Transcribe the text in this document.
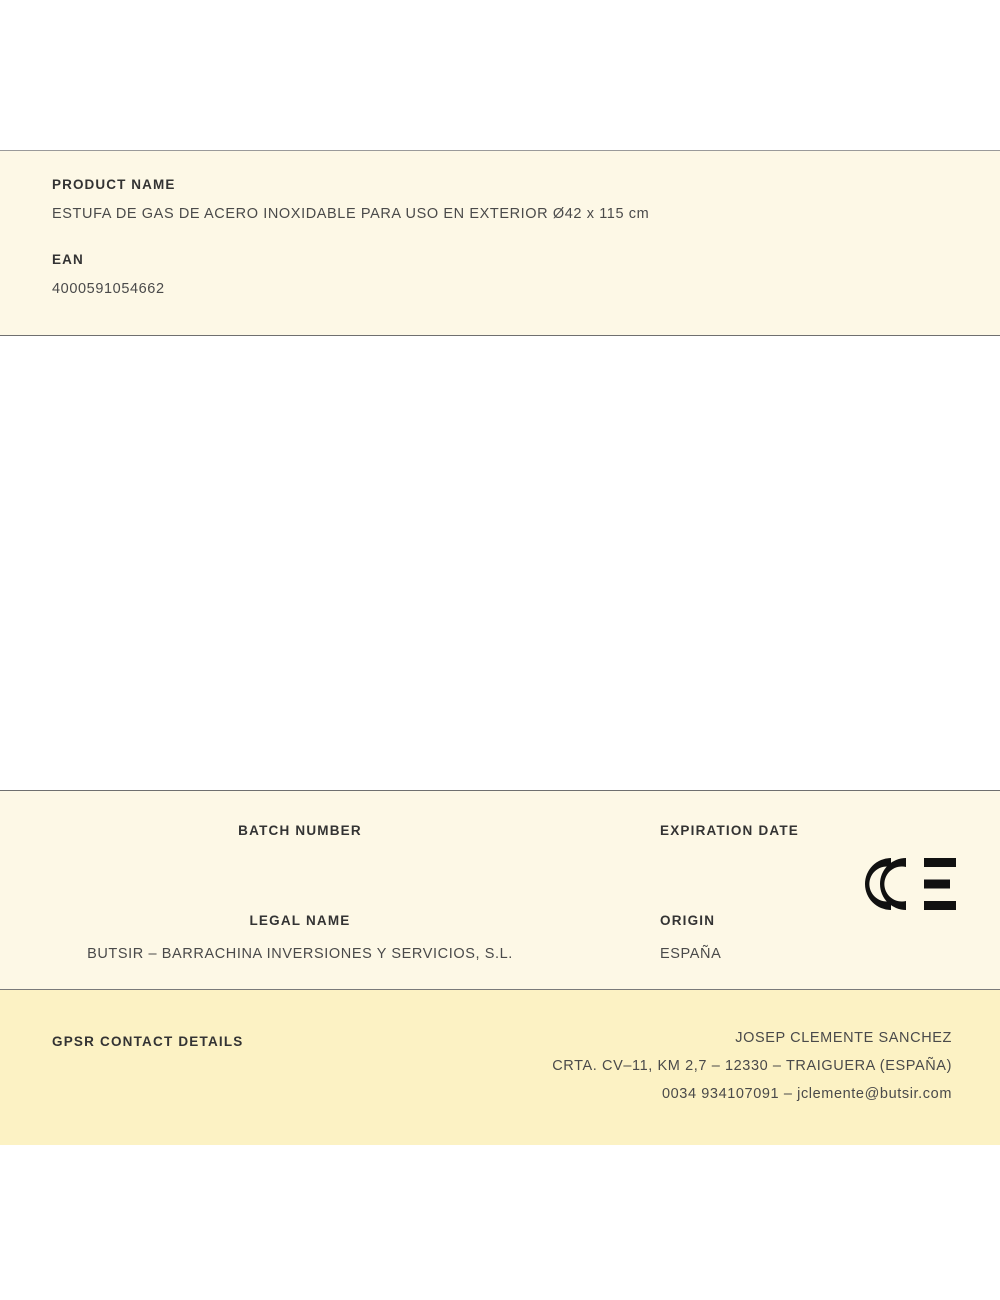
PRODUCT NAME

ESTUFA DE GAS DE ACERO INOXIDABLE PARA USO EN EXTERIOR Ø42 x 115 cm

EAN

4000591054662

BATCH NUMBER	EXPIRATION DATE

LEGAL NAME

BUTSIR – BARRACHINA INVERSIONES Y SERVICIOS, S.L.

ORIGIN

ESPAÑA

GPSR CONTACT DETAILS	JOSEP CLEMENTE SANCHEZ

CRTA. CV–11, KM 2,7 – 12330 – TRAIGUERA (ESPAÑA)

0034 934107091 – jclemente@butsir.com
